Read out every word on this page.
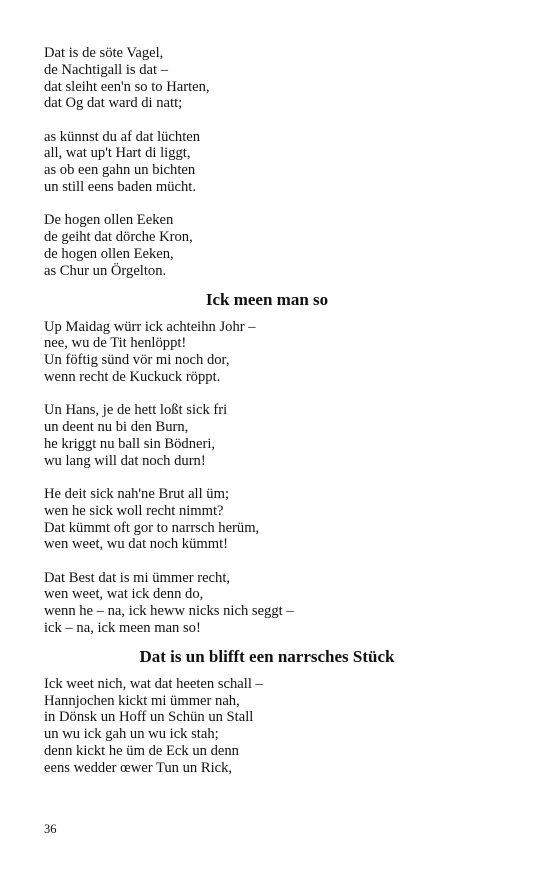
Dat is de söte Vagel,
de Nachtigall is dat –
dat sleiht een'n so to Harten,
dat Og dat ward di natt;
as künnst du af dat lüchten
all, wat up't Hart di liggt,
as ob een gahn un bichten
un still eens baden mücht.
De hogen ollen Eeken
de geiht dat dörche Kron,
de hogen ollen Eeken,
as Chur un Örgelton.
Ick meen man so
Up Maidag würr ick achteihn Johr –
nee, wu de Tit henlöppt!
Un föftig sünd vör mi noch dor,
wenn recht de Kuckuck röppt.
Un Hans, je de hett loßt sick fri
un deent nu bi den Burn,
he kriggt nu ball sin Bödneri,
wu lang will dat noch durn!
He deit sick nah'ne Brut all üm;
wen he sick woll recht nimmt?
Dat kümmt oft gor to narrsch herüm,
wen weet, wu dat noch kümmt!
Dat Best dat is mi ümmer recht,
wen weet, wat ick denn do,
wenn he – na, ick heww nicks nich seggt –
ick – na, ick meen man so!
Dat is un blifft een narrsches Stück
Ick weet nich, wat dat heeten schall –
Hannjochen kickt mi ümmer nah,
in Dönsk un Hoff un Schün un Stall
un wu ick gah un wu ick stah;
denn kickt he üm de Eck un denn
eens wedder œwer Tun un Rick,
36
